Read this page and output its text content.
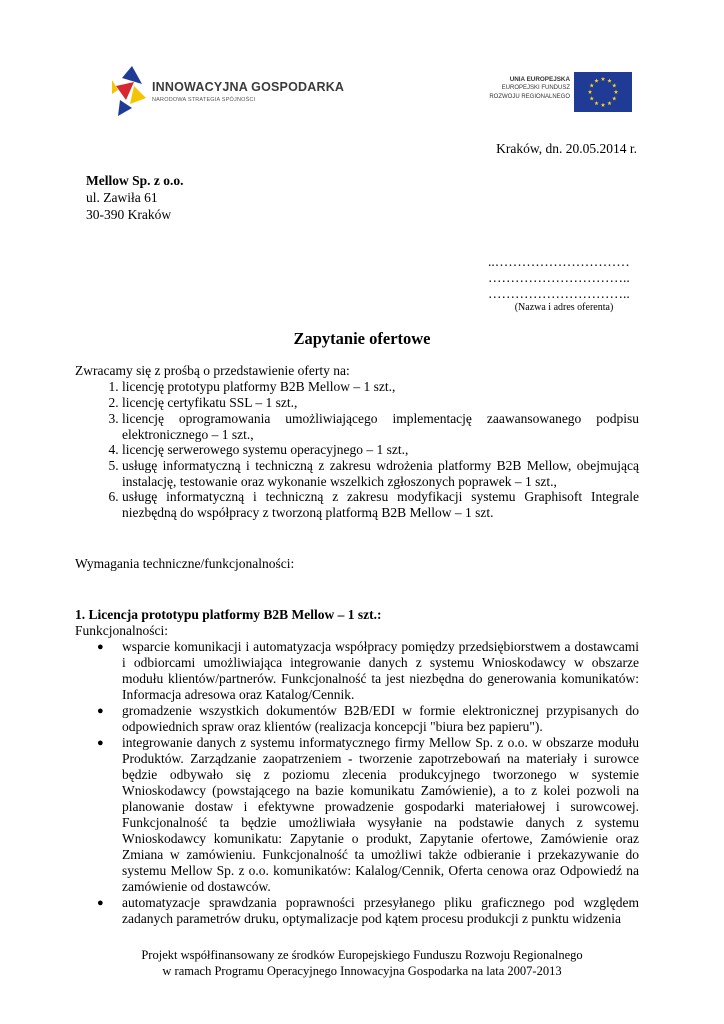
INNOWACYJNA GOSPODARKA
NARODOWA STRATEGIA SPÓJNOŚCI
UNIA EUROPEJSKA
EUROPEJSKI FUNDUSZ
ROZWOJU REGIONALNEGO
Kraków, dn. 20.05.2014 r.
Mellow Sp. z o.o.
ul. Zawiła 61
30-390 Kraków
..…………………………
…………………………..
…………………………..
(Nazwa i adres oferenta)
Zapytanie ofertowe
Zwracamy się z prośbą o przedstawienie oferty na:
1. licencję prototypu platformy B2B Mellow – 1 szt.,
2. licencję certyfikatu SSL – 1 szt.,
3. licencję oprogramowania umożliwiającego implementację zaawansowanego podpisu elektronicznego – 1 szt.,
4. licencję serwerowego systemu operacyjnego – 1 szt.,
5. usługę informatyczną i techniczną z zakresu wdrożenia platformy B2B Mellow, obejmującą instalację, testowanie oraz wykonanie wszelkich zgłoszonych poprawek – 1 szt.,
6. usługę informatyczną i techniczną z zakresu modyfikacji systemu Graphisoft Integrale niezbędną do współpracy z tworzoną platformą B2B Mellow – 1 szt.
Wymagania techniczne/funkcjonalności:
1. Licencja prototypu platformy B2B Mellow – 1 szt.:
Funkcjonalności:
● wsparcie komunikacji i automatyzacja współpracy pomiędzy przedsiębiorstwem a dostawcami i odbiorcami umożliwiająca integrowanie danych z systemu Wnioskodawcy w obszarze modułu klientów/partnerów. Funkcjonalność ta jest niezbędna do generowania komunikatów: Informacja adresowa oraz Katalog/Cennik.
● gromadzenie wszystkich dokumentów B2B/EDI w formie elektronicznej przypisanych do odpowiednich spraw oraz klientów (realizacja koncepcji "biura bez papieru").
● integrowanie danych z systemu informatycznego firmy Mellow Sp. z o.o. w obszarze modułu Produktów. Zarządzanie zaopatrzeniem - tworzenie zapotrzebowań na materiały i surowce będzie odbywało się z poziomu zlecenia produkcyjnego tworzonego w systemie Wnioskodawcy (powstającego na bazie komunikatu Zamówienie), a to z kolei pozwoli na planowanie dostaw i efektywne prowadzenie gospodarki materiałowej i surowcowej. Funkcjonalność ta będzie umożliwiała wysyłanie na podstawie danych z systemu Wnioskodawcy komunikatu: Zapytanie o produkt, Zapytanie ofertowe, Zamówienie oraz Zmiana w zamówieniu. Funkcjonalność ta umożliwi także odbieranie i przekazywanie do systemu Mellow Sp. z o.o. komunikatów: Kalalog/Cennik, Oferta cenowa oraz Odpowiedź na zamówienie od dostawców.
● automatyzacje sprawdzania poprawności przesyłanego pliku graficznego pod względem zadanych parametrów druku, optymalizacje pod kątem procesu produkcji z punktu widzenia
Projekt współfinansowany ze środków Europejskiego Funduszu Rozwoju Regionalnego
w ramach Programu Operacyjnego Innowacyjna Gospodarka na lata 2007-2013
